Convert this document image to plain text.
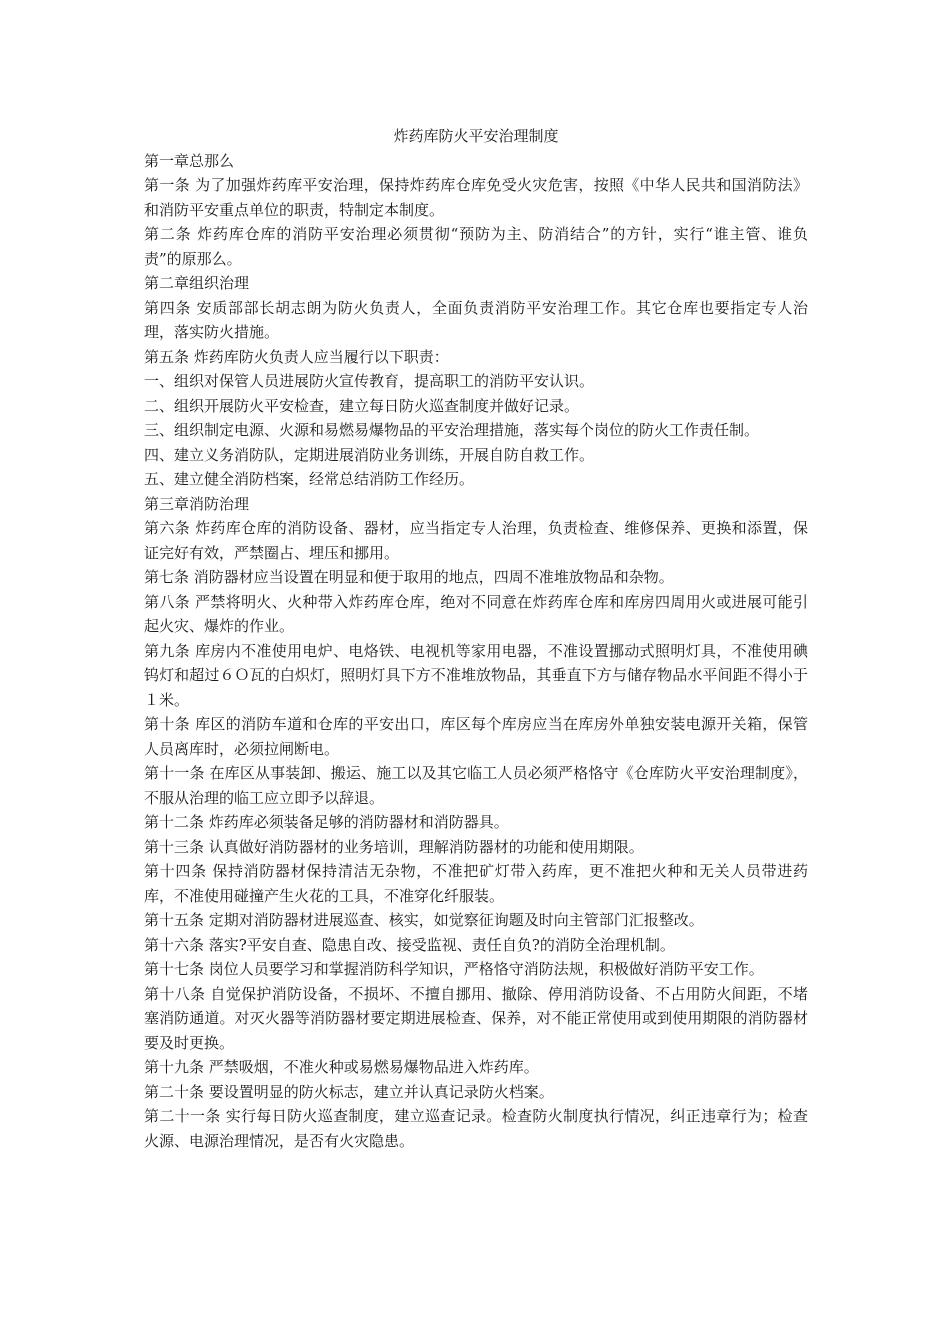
炸药库防火平安治理制度

第一章总那么

第一条 为了加强炸药库平安治理，保持炸药库仓库免受火灾危害，按照《中华人民共和国消防法》和消防平安重点单位的职责，特制定本制度。

第二条 炸药库仓库的消防平安治理必须贯彻“预防为主、防消结合”的方针，实行“谁主管、谁负责”的原那么。

第二章组织治理

第四条 安质部部长胡志朗为防火负责人，全面负责消防平安治理工作。其它仓库也要指定专人治理，落实防火措施。

第五条 炸药库防火负责人应当履行以下职责：

一、组织对保管人员进展防火宣传教育，提高职工的消防平安认识。

二、组织开展防火平安检查，建立每日防火巡查制度并做好记录。

三、组织制定电源、火源和易燃易爆物品的平安治理措施，落实每个岗位的防火工作责任制。

四、建立义务消防队，定期进展消防业务训练，开展自防自救工作。

五、建立健全消防档案，经常总结消防工作经历。

第三章消防治理

第六条 炸药库仓库的消防设备、器材，应当指定专人治理，负责检查、维修保养、更换和添置，保证完好有效，严禁圈占、埋压和挪用。

第七条 消防器材应当设置在明显和便于取用的地点，四周不准堆放物品和杂物。

第八条 严禁将明火、火种带入炸药库仓库，绝对不同意在炸药库仓库和库房四周用火或进展可能引起火灾、爆炸的作业。

第九条 库房内不准使用电炉、电烙铁、电视机等家用电器，不准设置挪动式照明灯具，不准使用碘钨灯和超过６Ｏ瓦的白炽灯，照明灯具下方不准堆放物品，其垂直下方与储存物品水平间距不得小于１米。

第十条 库区的消防车道和仓库的平安出口，库区每个库房应当在库房外单独安装电源开关箱，保管人员离库时，必须拉闸断电。

第十一条 在库区从事装卸、搬运、施工以及其它临工人员必须严格恪守《仓库防火平安治理制度》，不服从治理的临工应立即予以辞退。

第十二条 炸药库必须装备足够的消防器材和消防器具。

第十三条 认真做好消防器材的业务培训，理解消防器材的功能和使用期限。

第十四条 保持消防器材保持清洁无杂物，不准把矿灯带入药库，更不准把火种和无关人员带进药库，不准使用碰撞产生火花的工具，不准穿化纤服装。

第十五条 定期对消防器材进展巡查、核实，如觉察征询题及时向主管部门汇报整改。

第十六条 落实?平安自查、隐患自改、接受监视、责任自负?的消防全治理机制。

第十七条 岗位人员要学习和掌握消防科学知识，严格恪守消防法规，积极做好消防平安工作。

第十八条 自觉保护消防设备，不损坏、不擅自挪用、撤除、停用消防设备、不占用防火间距，不堵塞消防通道。对灭火器等消防器材要定期进展检查、保养，对不能正常使用或到使用期限的消防器材要及时更换。

第十九条 严禁吸烟，不准火种或易燃易爆物品进入炸药库。

第二十条 要设置明显的防火标志，建立并认真记录防火档案。

第二十一条 实行每日防火巡查制度，建立巡查记录。检查防火制度执行情况，纠正违章行为；检查火源、电源治理情况，是否有火灾隐患。
